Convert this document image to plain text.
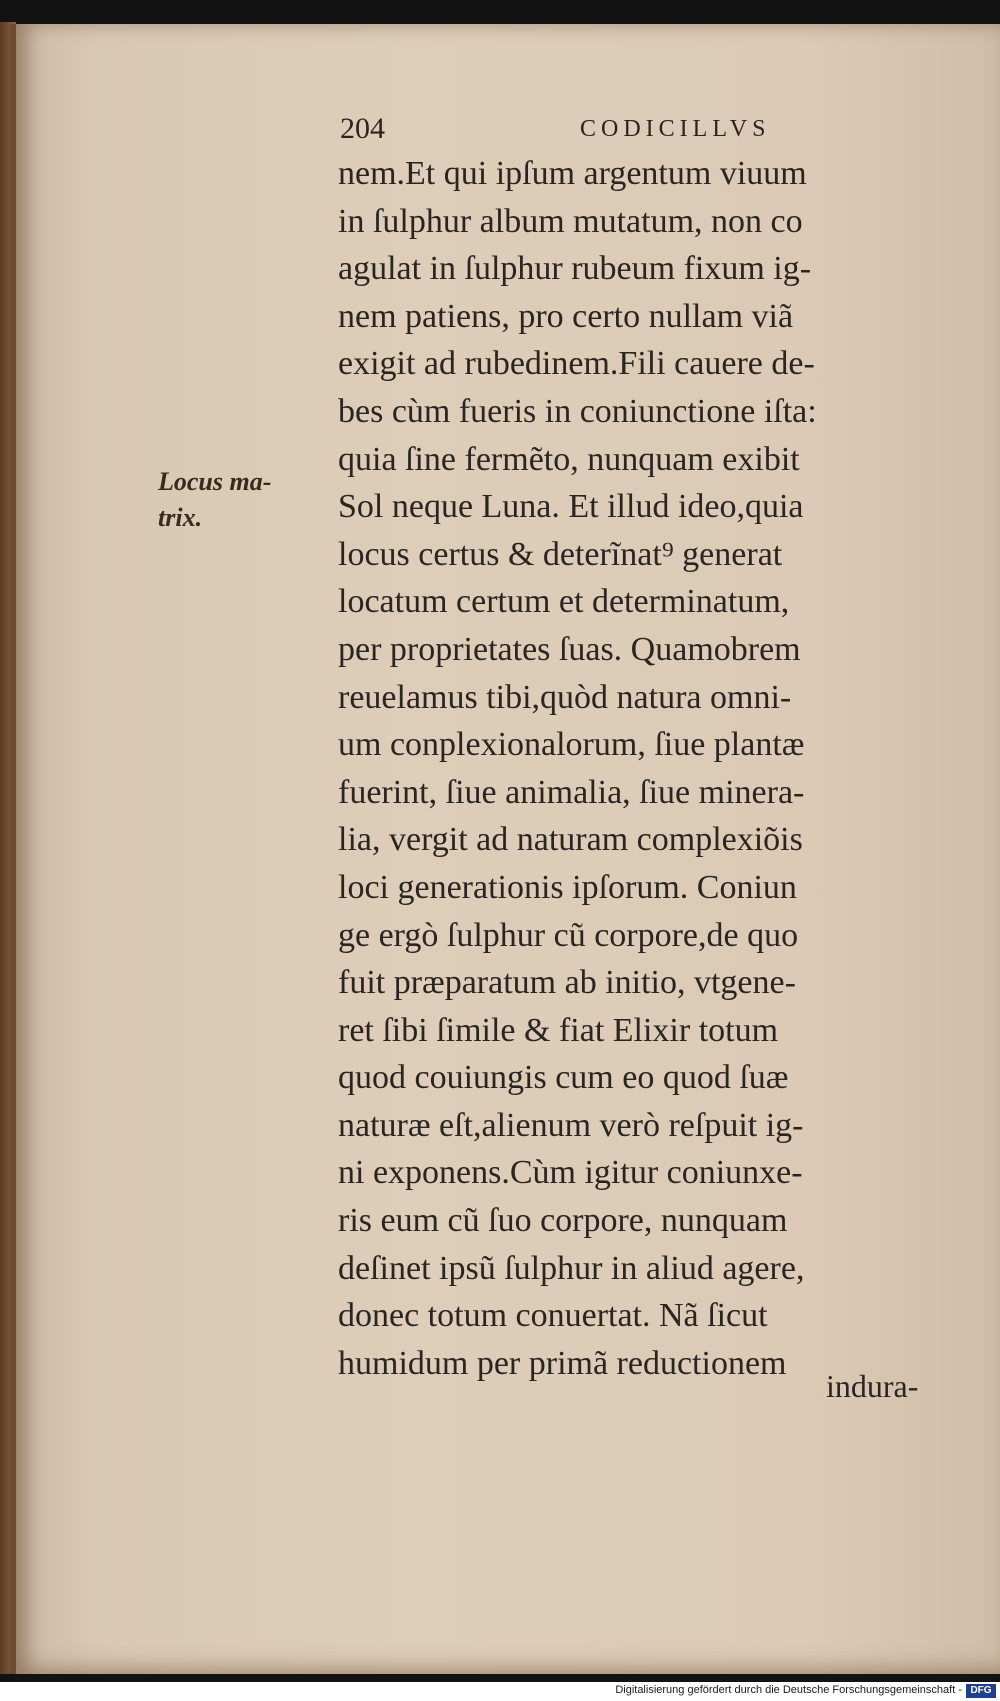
204	CODICILLVS
Locus ma-
trix.
nem.Et qui ipſum argentum viuum
in ſulphur album mutatum, non co
agulat in ſulphur rubeum fixum ig-
nem patiens, pro certo nullam viã
exigit ad rubedinem.Fili cauere de-
bes cùm fueris in coniunctione iſta:
quia ſine fermẽto, nunquam exibit
Sol neque Luna. Et illud ideo,quia
locus certus & deterĩnat⁹ generat
locatum certum et determinatum,
per proprietates ſuas. Quamobrem
reuelamus tibi,quòd natura omni-
um conplexionalorum, ſiue plantæ
fuerint, ſiue animalia, ſiue minera-
lia, vergit ad naturam complexiõis
loci generationis ipſorum. Coniun
ge ergò ſulphur cũ corpore,de quo
fuit præparatum ab initio, vtgene-
ret ſibi ſimile & fiat Elixir totum
quod couiungis cum eo quod ſuæ
naturæ eſt,alienum verò reſpuit ig-
ni exponens.Cùm igitur coniunxe-
ris eum cũ ſuo corpore, nunquam
deſinet ipsũ ſulphur in aliud agere,
donec totum conuertat. Nã ſicut
humidum per primã reductionem
indura-
Digitalisierung gefördert durch die Deutsche Forschungsgemeinschaft - DFG
